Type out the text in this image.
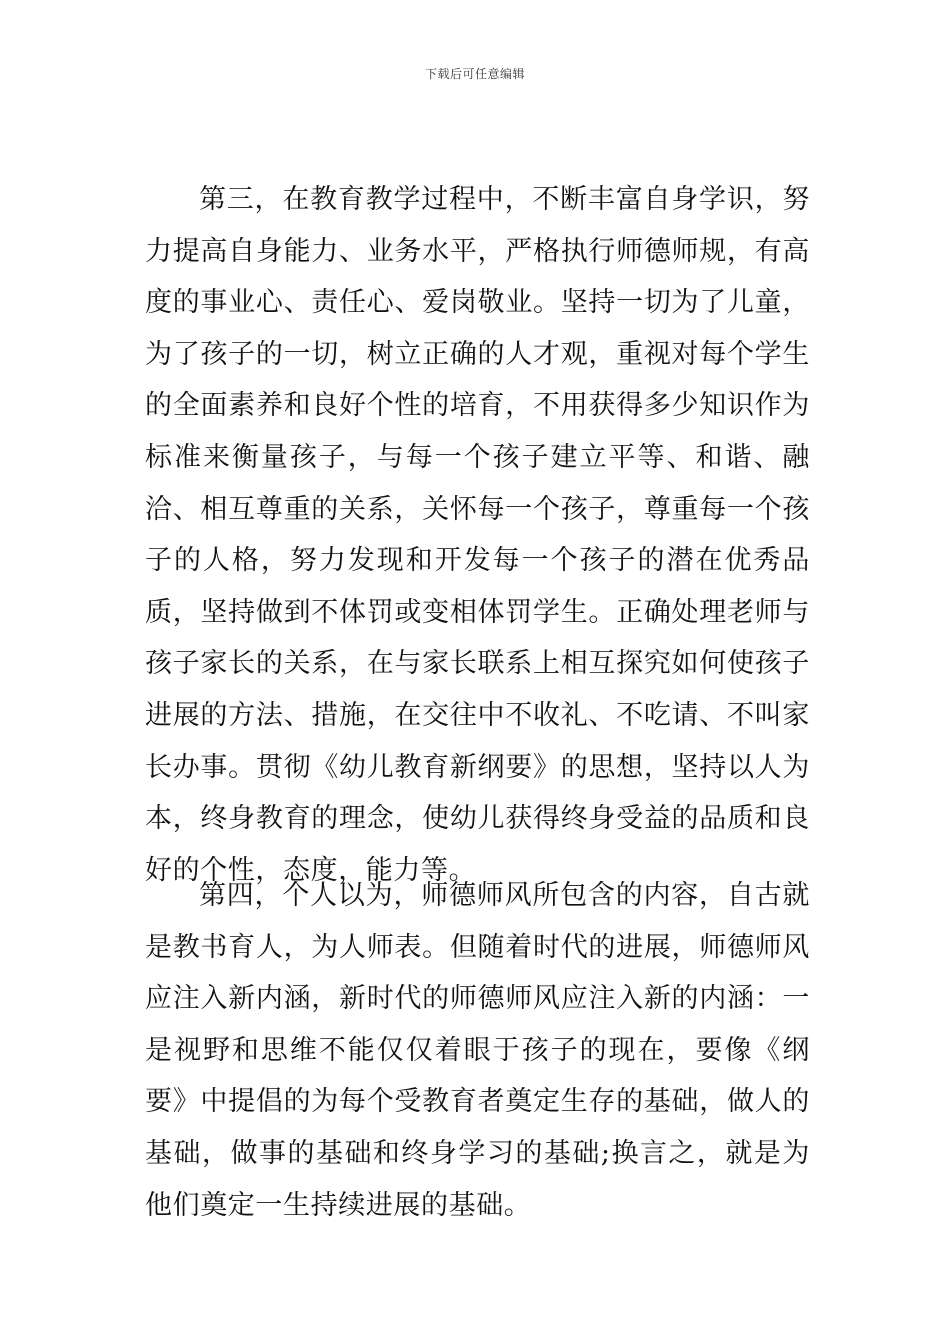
下载后可任意编辑

第三，在教育教学过程中，不断丰富自身学识，努力提高自身能力、业务水平，严格执行师德师规，有高度的事业心、责任心、爱岗敬业。坚持一切为了儿童，为了孩子的一切，树立正确的人才观，重视对每个学生的全面素养和良好个性的培育，不用获得多少知识作为标准来衡量孩子，与每一个孩子建立平等、和谐、融洽、相互尊重的关系，关怀每一个孩子，尊重每一个孩子的人格，努力发现和开发每一个孩子的潜在优秀品质，坚持做到不体罚或变相体罚学生。正确处理老师与孩子家长的关系，在与家长联系上相互探究如何使孩子进展的方法、措施，在交往中不收礼、不吃请、不叫家长办事。贯彻《幼儿教育新纲要》的思想，坚持以人为本，终身教育的理念，使幼儿获得终身受益的品质和良好的个性，态度，能力等。

第四，个人以为，师德师风所包含的内容，自古就是教书育人，为人师表。但随着时代的进展，师德师风应注入新内涵，新时代的师德师风应注入新的内涵：一是视野和思维不能仅仅着眼于孩子的现在，要像《纲要》中提倡的为每个受教育者奠定生存的基础，做人的基础，做事的基础和终身学习的基础;换言之，就是为他们奠定一生持续进展的基础。
